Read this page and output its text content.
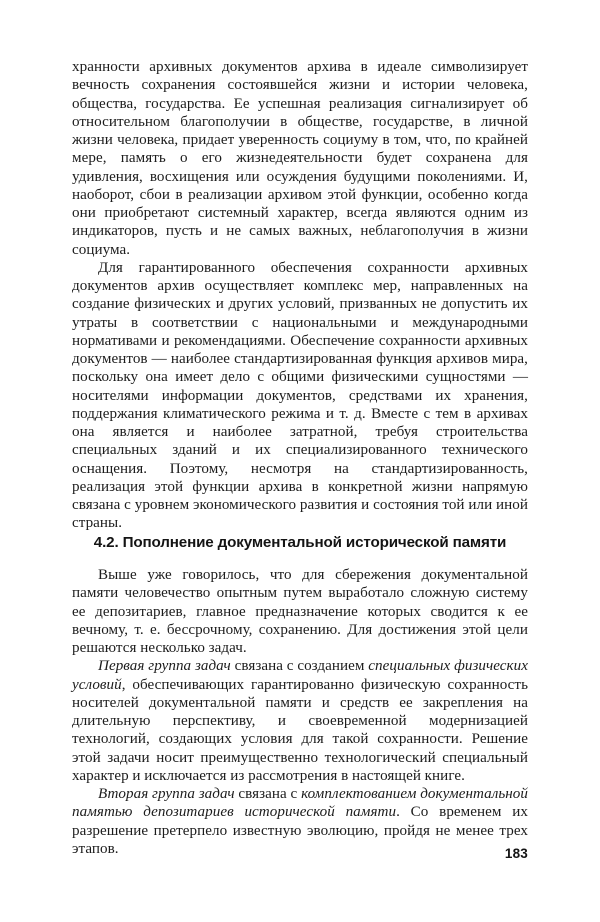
хранности архивных документов архива в идеале символизирует вечность сохранения состоявшейся жизни и истории человека, общества, государства. Ее успешная реализация сигнализирует об относительном благополучии в обществе, государстве, в личной жизни человека, придает уверенность социуму в том, что, по крайней мере, память о его жизнедеятельности будет сохранена для удивления, восхищения или осуждения будущими поколениями. И, наоборот, сбои в реализации архивом этой функции, особенно когда они приобретают системный характер, всегда являются одним из индикаторов, пусть и не самых важных, неблагополучия в жизни социума.

Для гарантированного обеспечения сохранности архивных документов архив осуществляет комплекс мер, направленных на создание физических и других условий, призванных не допустить их утраты в соответствии с национальными и международными нормативами и рекомендациями. Обеспечение сохранности архивных документов — наиболее стандартизированная функция архивов мира, поскольку она имеет дело с общими физическими сущностями — носителями информации документов, средствами их хранения, поддержания климатического режима и т. д. Вместе с тем в архивах она является и наиболее затратной, требуя строительства специальных зданий и их специализированного технического оснащения. Поэтому, несмотря на стандартизированность, реализация этой функции архива в конкретной жизни напрямую связана с уровнем экономического развития и состояния той или иной страны.

4.2. Пополнение документальной исторической памяти

Выше уже говорилось, что для сбережения документальной памяти человечество опытным путем выработало сложную систему ее депозитариев, главное предназначение которых сводится к ее вечному, т. е. бессрочному, сохранению. Для достижения этой цели решаются несколько задач.

Первая группа задач связана с созданием специальных физических условий, обеспечивающих гарантированно физическую сохранность носителей документальной памяти и средств ее закрепления на длительную перспективу, и своевременной модернизацией технологий, создающих условия для такой сохранности. Решение этой задачи носит преимущественно технологический специальный характер и исключается из рассмотрения в настоящей книге.

Вторая группа задач связана с комплектованием документальной памятью депозитариев исторической памяти. Со временем их разрешение претерпело известную эволюцию, пройдя не менее трех этапов.	183
